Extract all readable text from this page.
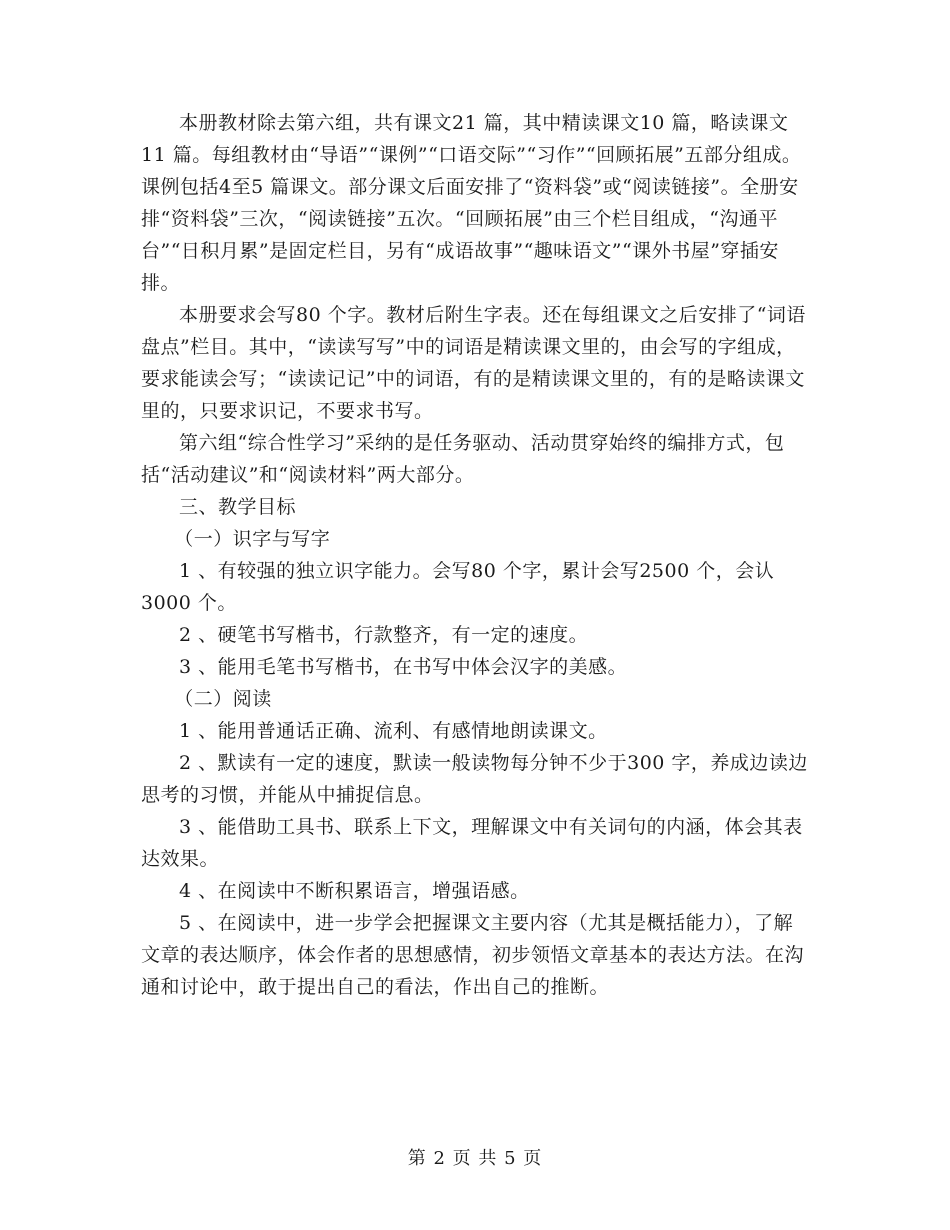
本册教材除去第六组，共有课文21 篇，其中精读课文10 篇，略读课文11 篇。每组教材由“导语”“课例”“口语交际”“习作”“回顾拓展”五部分组成。课例包括4至5 篇课文。部分课文后面安排了“资料袋”或“阅读链接”。全册安排“资料袋”三次，“阅读链接”五次。“回顾拓展”由三个栏目组成，“沟通平台”“日积月累”是固定栏目，另有“成语故事”“趣味语文”“课外书屋”穿插安排。

本册要求会写80 个字。教材后附生字表。还在每组课文之后安排了“词语盘点”栏目。其中，“读读写写”中的词语是精读课文里的，由会写的字组成，要求能读会写；“读读记记”中的词语，有的是精读课文里的，有的是略读课文里的，只要求识记，不要求书写。

第六组“综合性学习”采纳的是任务驱动、活动贯穿始终的编排方式，包括“活动建议”和“阅读材料”两大部分。

三、教学目标

（一）识字与写字

1 、有较强的独立识字能力。会写80 个字，累计会写2500 个，会认3000 个。

2 、硬笔书写楷书，行款整齐，有一定的速度。

3 、能用毛笔书写楷书，在书写中体会汉字的美感。

（二）阅读

1 、能用普通话正确、流利、有感情地朗读课文。

2 、默读有一定的速度，默读一般读物每分钟不少于300 字，养成边读边思考的习惯，并能从中捕捉信息。

3 、能借助工具书、联系上下文，理解课文中有关词句的内涵，体会其表达效果。

4 、在阅读中不断积累语言，增强语感。

5 、在阅读中，进一步学会把握课文主要内容（尤其是概括能力），了解文章的表达顺序，体会作者的思想感情，初步领悟文章基本的表达方法。在沟通和讨论中，敢于提出自己的看法，作出自己的推断。

第 2 页 共 5 页
